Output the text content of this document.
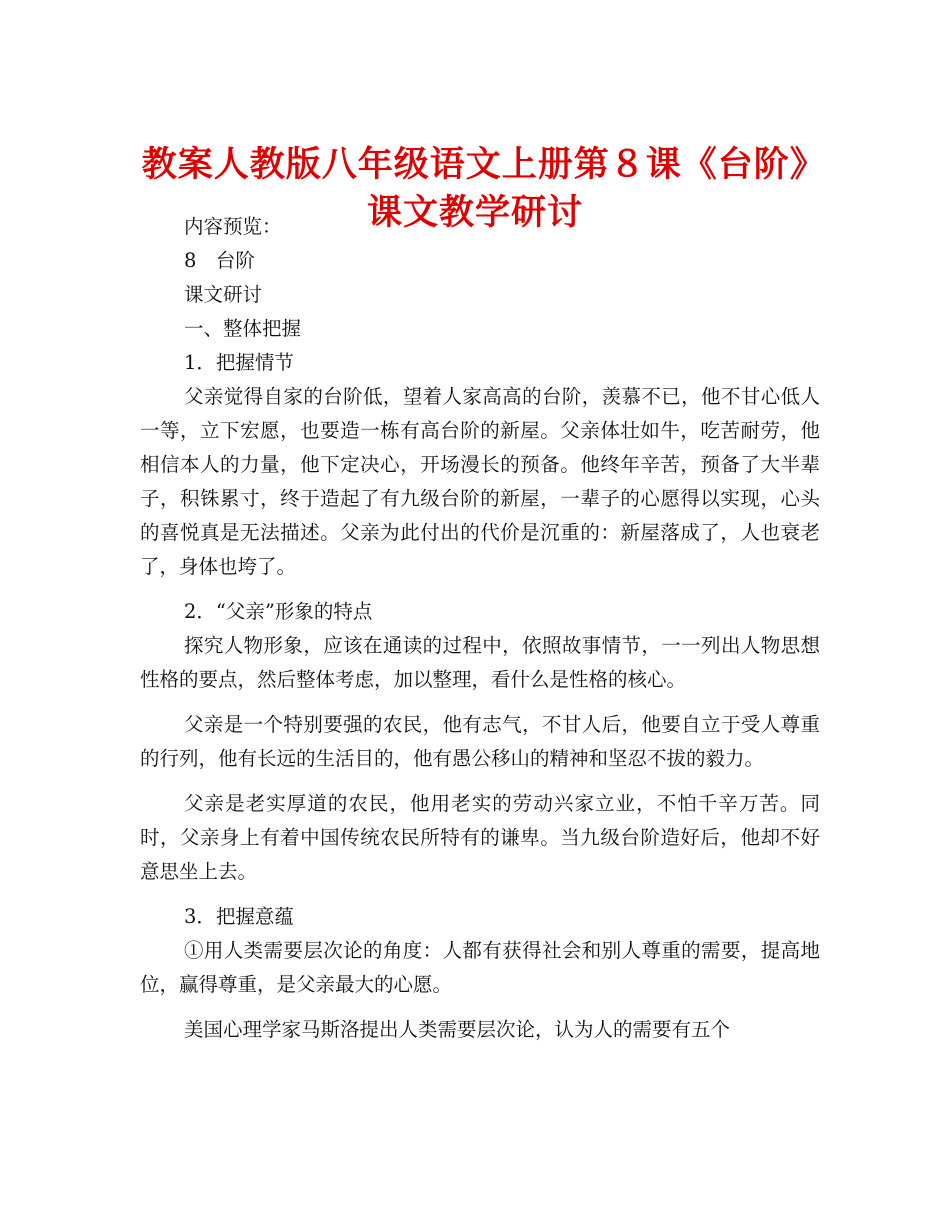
教案人教版八年级语文上册第８课《台阶》课文教学研讨

内容预览：

8　台阶

课文研讨

一、整体把握

1．把握情节

父亲觉得自家的台阶低，望着人家高高的台阶，羡慕不已，他不甘心低人一等，立下宏愿，也要造一栋有高台阶的新屋。父亲体壮如牛，吃苦耐劳，他相信本人的力量，他下定决心，开场漫长的预备。他终年辛苦，预备了大半辈子，积铢累寸，终于造起了有九级台阶的新屋，一辈子的心愿得以实现，心头的喜悦真是无法描述。父亲为此付出的代价是沉重的：新屋落成了，人也衰老了，身体也垮了。

2．“父亲”形象的特点

探究人物形象，应该在通读的过程中，依照故事情节，一一列出人物思想性格的要点，然后整体考虑，加以整理，看什么是性格的核心。

父亲是一个特别要强的农民，他有志气，不甘人后，他要自立于受人尊重的行列，他有长远的生活目的，他有愚公移山的精神和坚忍不拔的毅力。

父亲是老实厚道的农民，他用老实的劳动兴家立业，不怕千辛万苦。同时，父亲身上有着中国传统农民所特有的谦卑。当九级台阶造好后，他却不好意思坐上去。

3．把握意蕴

①用人类需要层次论的角度：人都有获得社会和别人尊重的需要，提高地位，赢得尊重，是父亲最大的心愿。

美国心理学家马斯洛提出人类需要层次论，认为人的需要有五个
